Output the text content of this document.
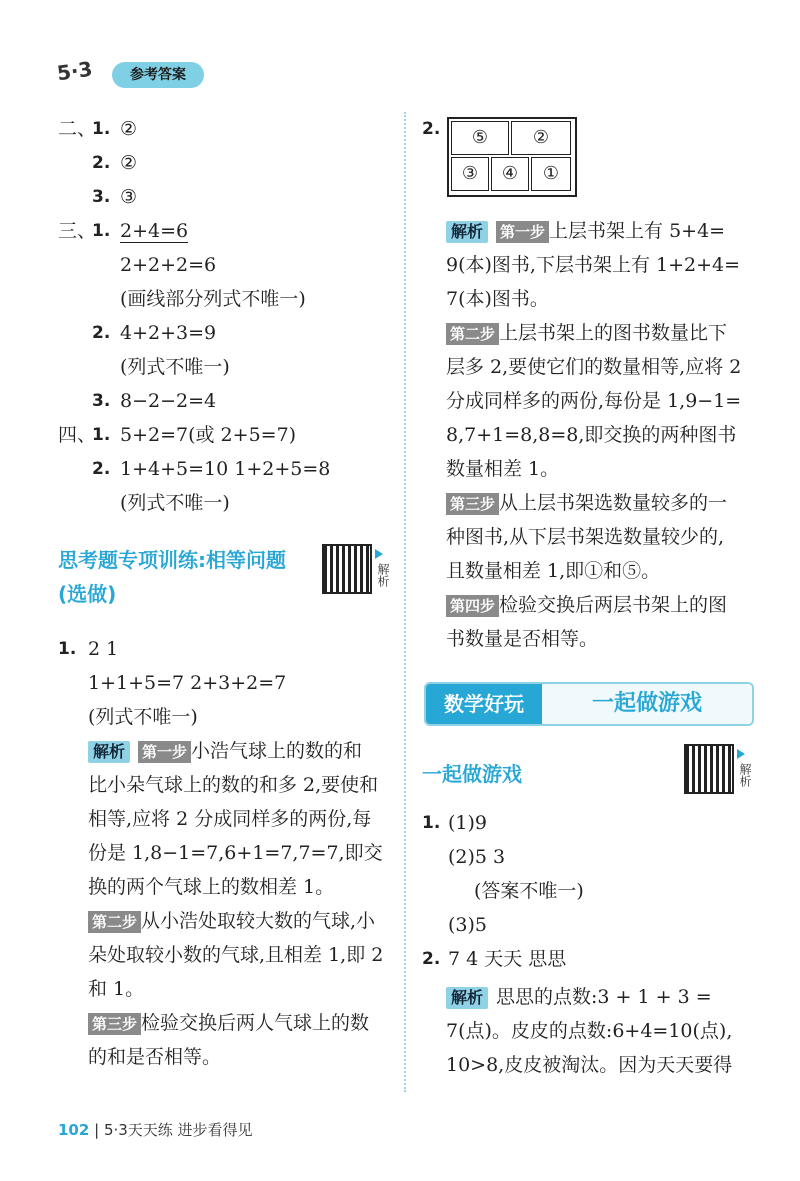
5·3	参考答案
二、
1. ②
2. ②
3. ③
三、
1. 2+4=6
2+2+2=6
(画线部分列式不唯一)
2. 4+2+3=9
(列式不唯一)
3. 8−2−2=4
四、
1. 5+2=7(或 2+5=7)
2. 1+4+5=10 1+2+5=8
(列式不唯一)
思考题专项训练:相等问题
(选做)
解析
1. 2 1
1+1+5=7 2+3+2=7
(列式不唯一)
解析 第一步 小浩气球上的数的和
比小朵气球上的数的和多 2,要使和
相等,应将 2 分成同样多的两份,每
份是 1,8−1=7,6+1=7,7=7,即交
换的两个气球上的数相差 1。
第二步 从小浩处取较大数的气球,小
朵处取较小数的气球,且相差 1,即 2
和 1。
第三步 检验交换后两人气球上的数
的和是否相等。
2.	⑤	②
③	④	①
解析 第一步 上层书架上有 5+4=
9(本)图书,下层书架上有 1+2+4=
7(本)图书。
第二步 上层书架上的图书数量比下
层多 2,要使它们的数量相等,应将 2
分成同样多的两份,每份是 1,9−1=
8,7+1=8,8=8,即交换的两种图书
数量相差 1。
第三步 从上层书架选数量较多的一
种图书,从下层书架选数量较少的,
且数量相差 1,即①和⑤。
第四步 检验交换后两层书架上的图
书数量是否相等。
数学好玩	一起做游戏
一起做游戏	解析
1. (1)9
(2)5 3
(答案不唯一)
(3)5
2. 7 4 天天 思思
解析 思思的点数:3 + 1 + 3 =
7(点)。皮皮的点数:6+4=10(点),
10>8,皮皮被淘汰。因为天天要得
102 | 5·3天天练 进步看得见
